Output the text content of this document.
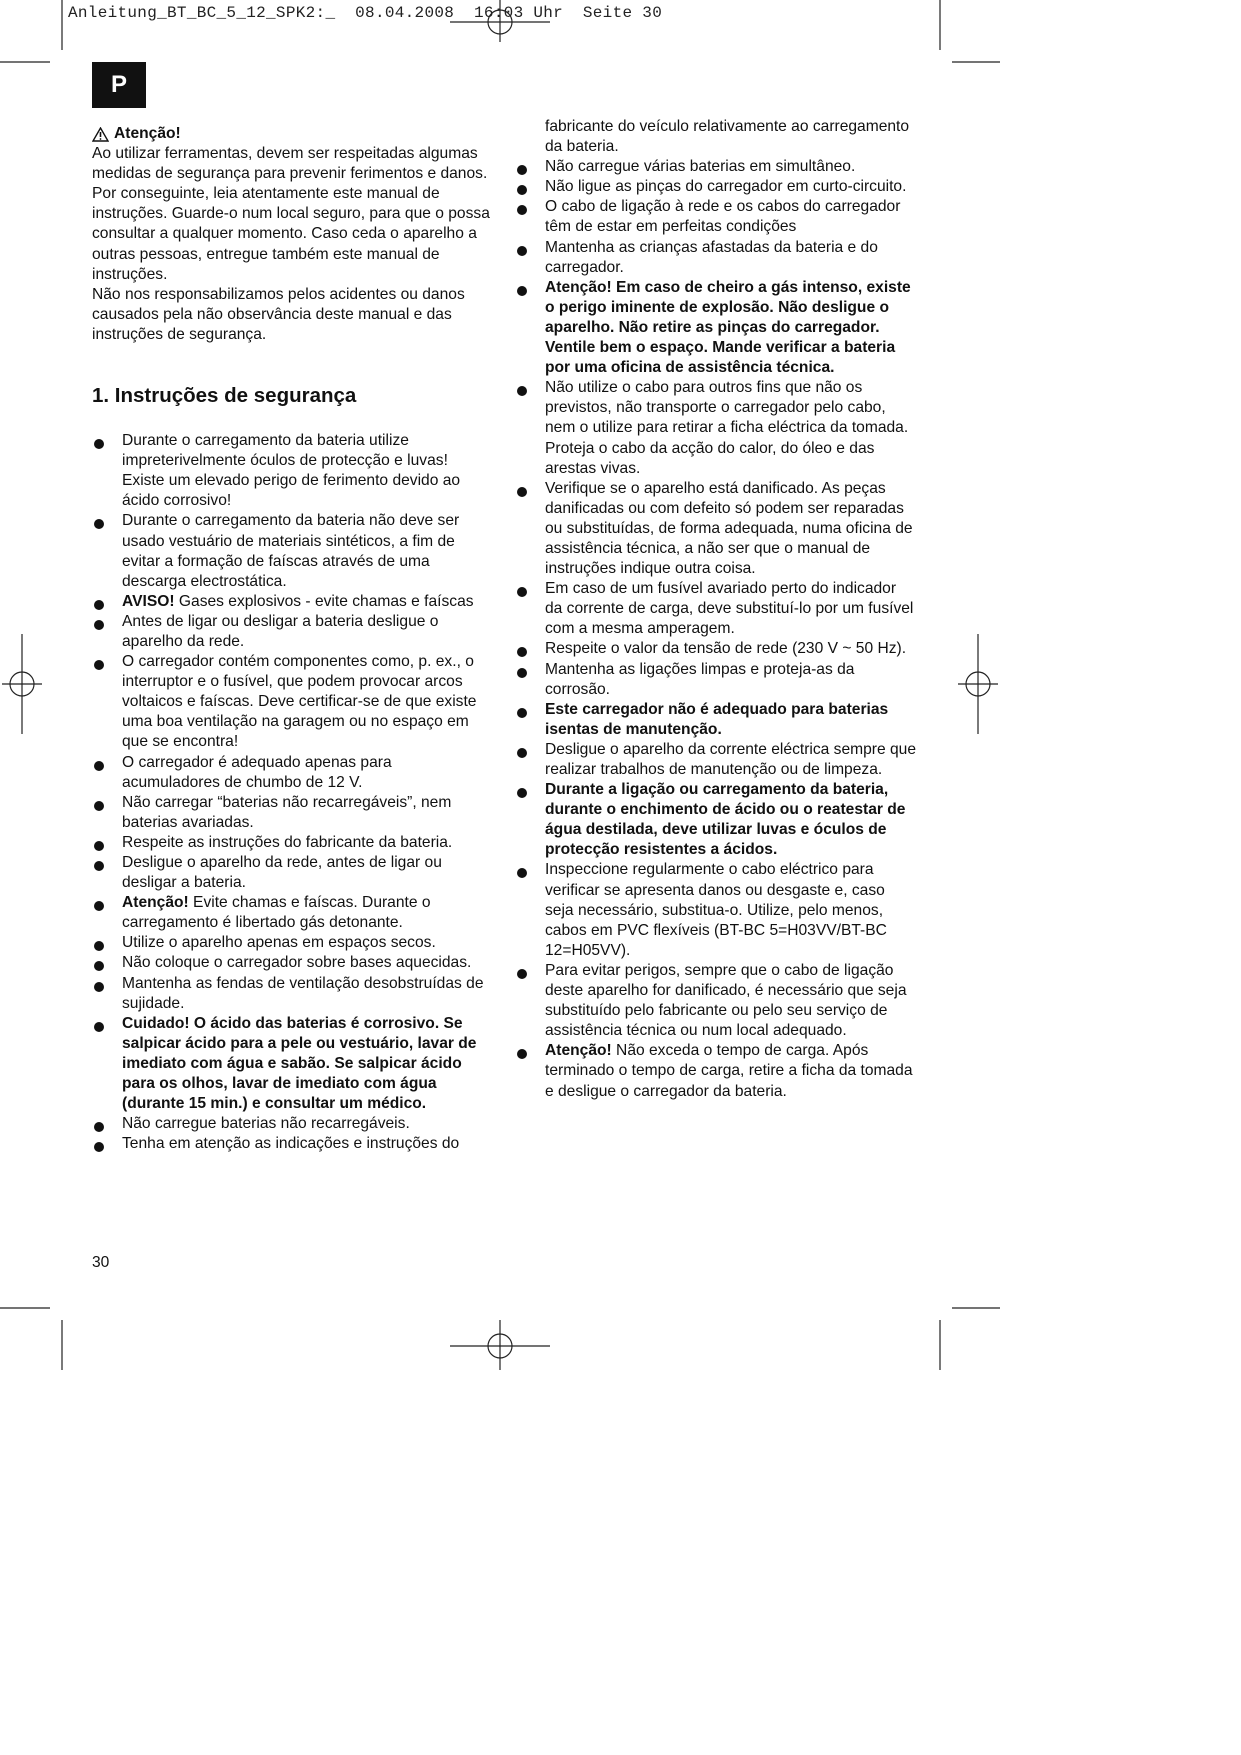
Anleitung_BT_BC_5_12_SPK2:_  08.04.2008  16:03 Uhr  Seite 30
P
Atenção!

Ao utilizar ferramentas, devem ser respeitadas algumas medidas de segurança para prevenir ferimentos e danos. Por conseguinte, leia atentamente este manual de instruções. Guarde-o num local seguro, para que o possa consultar a qualquer momento. Caso ceda o aparelho a outras pessoas, entregue também este manual de instruções.

Não nos responsabilizamos pelos acidentes ou danos causados pela não observância deste manual e das instruções de segurança.

1. Instruções de segurança
Durante o carregamento da bateria utilize impreterivelmente óculos de protecção e luvas! Existe um elevado perigo de ferimento devido ao ácido corrosivo!
Durante o carregamento da bateria não deve ser usado vestuário de materiais sintéticos, a fim de evitar a formação de faíscas através de uma descarga electrostática.
AVISO! Gases explosivos - evite chamas e faíscas
Antes de ligar ou desligar a bateria desligue o aparelho da rede.
O carregador contém componentes como, p. ex., o interruptor e o fusível, que podem provocar arcos voltaicos e faíscas. Deve certificar-se de que existe uma boa ventilação na garagem ou no espaço em que se encontra!
O carregador é adequado apenas para acumuladores de chumbo de 12 V.
Não carregar “baterias não recarregáveis”, nem baterias avariadas.
Respeite as instruções do fabricante da bateria.
Desligue o aparelho da rede, antes de ligar ou desligar a bateria.
Atenção! Evite chamas e faíscas. Durante o carregamento é libertado gás detonante.
Utilize o aparelho apenas em espaços secos.
Não coloque o carregador sobre bases aquecidas.
Mantenha as fendas de ventilação desobstruídas de sujidade.
Cuidado! O ácido das baterias é corrosivo. Se salpicar ácido para a pele ou vestuário, lavar de imediato com água e sabão. Se salpicar ácido para os olhos, lavar de imediato com água (durante 15 min.) e consultar um médico.
Não carregue baterias não recarregáveis.
Tenha em atenção as indicações e instruções do
fabricante do veículo relativamente ao carregamento da bateria.
Não carregue várias baterias em simultâneo.
Não ligue as pinças do carregador em curto-circuito.
O cabo de ligação à rede e os cabos do carregador têm de estar em perfeitas condições
Mantenha as crianças afastadas da bateria e do carregador.
Atenção! Em caso de cheiro a gás intenso, existe o perigo iminente de explosão. Não desligue o aparelho. Não retire as pinças do carregador. Ventile bem o espaço. Mande verificar a bateria por uma oficina de assistência técnica.
Não utilize o cabo para outros fins que não os previstos, não transporte o carregador pelo cabo, nem o utilize para retirar a ficha eléctrica da tomada. Proteja o cabo da acção do calor, do óleo e das arestas vivas.
Verifique se o aparelho está danificado. As peças danificadas ou com defeito só podem ser reparadas ou substituídas, de forma adequada, numa oficina de assistência técnica, a não ser que o manual de instruções indique outra coisa.
Em caso de um fusível avariado perto do indicador da corrente de carga, deve substituí-lo por um fusível com a mesma amperagem.
Respeite o valor da tensão de rede (230 V ~ 50 Hz).
Mantenha as ligações limpas e proteja-as da corrosão.
Este carregador não é adequado para baterias isentas de manutenção.
Desligue o aparelho da corrente eléctrica sempre que realizar trabalhos de manutenção ou de limpeza.
Durante a ligação ou carregamento da bateria, durante o enchimento de ácido ou o reatestar de água destilada, deve utilizar luvas e óculos de protecção resistentes a ácidos.
Inspeccione regularmente o cabo eléctrico para verificar se apresenta danos ou desgaste e, caso seja necessário, substitua-o. Utilize, pelo menos, cabos em PVC flexíveis (BT-BC 5=H03VV/BT-BC 12=H05VV).
Para evitar perigos, sempre que o cabo de ligação deste aparelho for danificado, é necessário que seja substituído pelo fabricante ou pelo seu serviço de assistência técnica ou num local adequado.
Atenção! Não exceda o tempo de carga. Após terminado o tempo de carga, retire a ficha da tomada e desligue o carregador da bateria.
30
